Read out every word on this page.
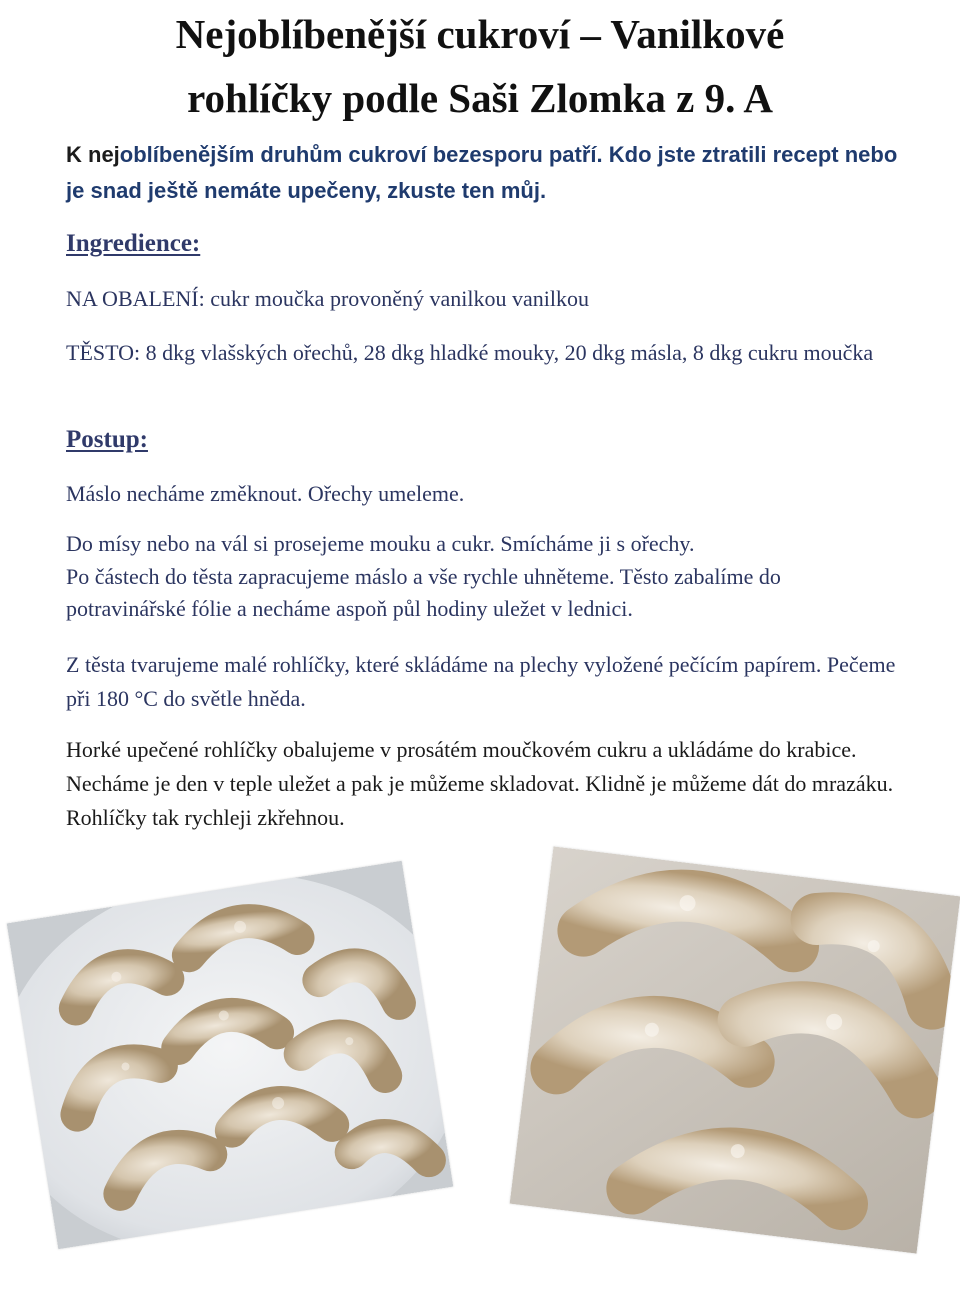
Nejoblíbenější cukroví – Vanilkové
rohlíčky podle Saši Zlomka z 9. A

K nejoblíbenějším druhům cukroví bezesporu patří. Kdo jste ztratili recept nebo je snad ještě nemáte upečeny, zkuste ten můj.

Ingredience:

NA OBALENÍ: cukr moučka provoněný vanilkou vanilkou

TĚSTO: 8 dkg vlašských ořechů, 28 dkg hladké mouky, 20 dkg másla, 8 dkg cukru moučka

Postup:

Máslo necháme změknout. Ořechy umeleme.

Do mísy nebo na vál si prosejeme mouku a cukr. Smícháme ji s ořechy.

Po částech do těsta zapracujeme máslo a vše rychle uhněteme. Těsto zabalíme do potravinářské fólie a necháme aspoň půl hodiny uležet v lednici.

Z těsta tvarujeme malé rohlíčky, které skládáme na plechy vyložené pečícím papírem. Pečeme při 180 °C do světle hněda.

Horké upečené rohlíčky obalujeme v prosátém moučkovém cukru a ukládáme do krabice. Necháme je den v teple uležet a pak je můžeme skladovat. Klidně je můžeme dát do mrazáku. Rohlíčky tak rychleji zkřehnou.
